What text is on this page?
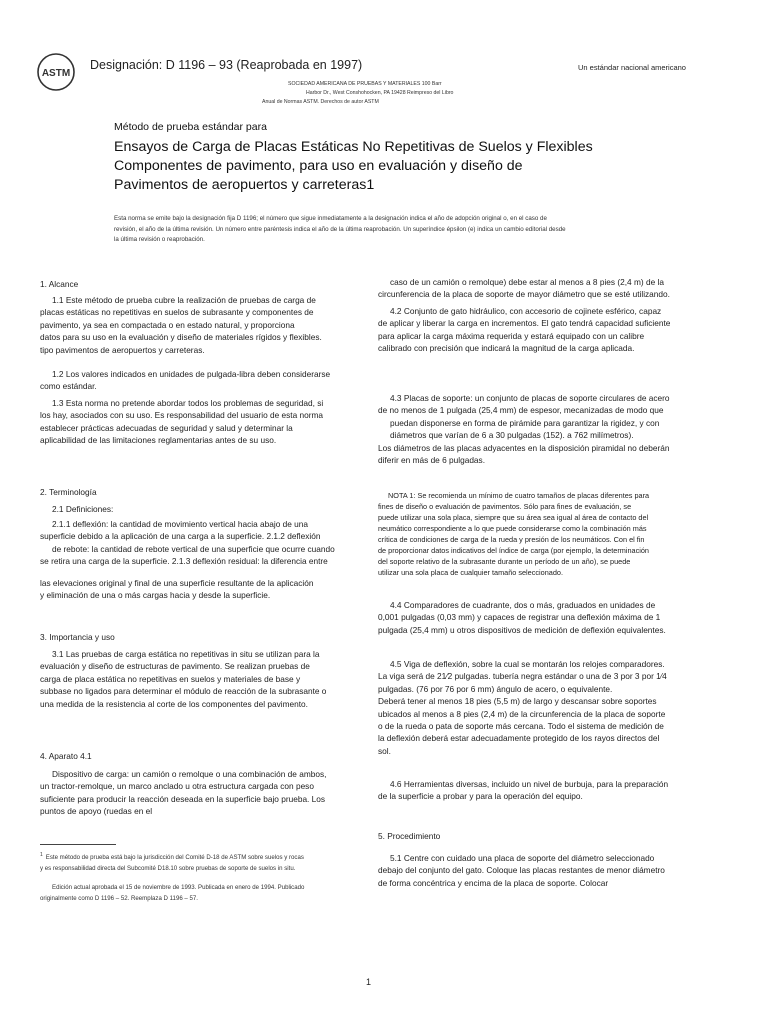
ASTM
Designación: D 1196 – 93 (Reaprobada en 1997)	Un estándar nacional americano
SOCIEDAD AMERICANA DE PRUEBAS Y MATERIALES 100 Barr
Harbor Dr., West Conshohocken, PA 19428 Reimpreso del Libro
Anual de Normas ASTM. Derechos de autor ASTM
Método de prueba estándar para
Ensayos de Carga de Placas Estáticas No Repetitivas de Suelos y Flexibles
Componentes de pavimento, para uso en evaluación y diseño de
Pavimentos de aeropuertos y carreteras1
Esta norma se emite bajo la designación fija D 1196; el número que sigue inmediatamente a la designación indica el año de adopción original o, en el caso de
revisión, el año de la última revisión. Un número entre paréntesis indica el año de la última reaprobación. Un superíndice épsilon (e) indica un cambio editorial desde
la última revisión o reaprobación.
1. Alcance
1.1 Este método de prueba cubre la realización de pruebas de carga de
placas estáticas no repetitivas en suelos de subrasante y componentes de
pavimento, ya sea en compactada o en estado natural, y proporciona
datos para su uso en la evaluación y diseño de materiales rígidos y flexibles.
tipo pavimentos de aeropuertos y carreteras.
1.2 Los valores indicados en unidades de pulgada-libra deben considerarse
como estándar.
1.3 Esta norma no pretende abordar todos los problemas de seguridad, si
los hay, asociados con su uso. Es responsabilidad del usuario de esta norma
establecer prácticas adecuadas de seguridad y salud y determinar la
aplicabilidad de las limitaciones reglamentarias antes de su uso.
2. Terminología
2.1 Definiciones:
2.1.1 deflexión: la cantidad de movimiento vertical hacia abajo de una
superficie debido a la aplicación de una carga a la superficie. 2.1.2 deflexión
de rebote: la cantidad de rebote vertical de una superficie que ocurre cuando
se retira una carga de la superficie. 2.1.3 deflexión residual: la diferencia entre
las elevaciones original y final de una superficie resultante de la aplicación
y eliminación de una o más cargas hacia y desde la superficie.
3. Importancia y uso
3.1 Las pruebas de carga estática no repetitivas in situ se utilizan para la
evaluación y diseño de estructuras de pavimento. Se realizan pruebas de
carga de placa estática no repetitivas en suelos y materiales de base y
subbase no ligados para determinar el módulo de reacción de la subrasante o
una medida de la resistencia al corte de los componentes del pavimento.
4. Aparato 4.1
Dispositivo de carga: un camión o remolque o una combinación de ambos,
un tractor-remolque, un marco anclado u otra estructura cargada con peso
suficiente para producir la reacción deseada en la superficie bajo prueba. Los
puntos de apoyo (ruedas en el
$^1$ Este método de prueba está bajo la jurisdicción del Comité D-18 de ASTM sobre suelos y rocas
y es responsabilidad directa del Subcomité D18.10 sobre pruebas de soporte de suelos in situ.
Edición actual aprobada el 15 de noviembre de 1993. Publicada en enero de 1994. Publicado
originalmente como D 1196 – 52. Reemplaza D 1196 – 57.
caso de un camión o remolque) debe estar al menos a 8 pies (2,4 m) de la
circunferencia de la placa de soporte de mayor diámetro que se esté utilizando.
4.2 Conjunto de gato hidráulico, con accesorio de cojinete esférico, capaz
de aplicar y liberar la carga en incrementos. El gato tendrá capacidad suficiente
para aplicar la carga máxima requerida y estará equipado con un calibre
calibrado con precisión que indicará la magnitud de la carga aplicada.
4.3 Placas de soporte: un conjunto de placas de soporte circulares de acero
de no menos de 1 pulgada (25,4 mm) de espesor, mecanizadas de modo que
puedan disponerse en forma de pirámide para garantizar la rigidez, y con
diámetros que varían de 6 a 30 pulgadas (152). a 762 milímetros).
Los diámetros de las placas adyacentes en la disposición piramidal no deberán
diferir en más de 6 pulgadas.
NOTA 1: Se recomienda un mínimo de cuatro tamaños de placas diferentes para
fines de diseño o evaluación de pavimentos. Sólo para fines de evaluación, se
puede utilizar una sola placa, siempre que su área sea igual al área de contacto del
neumático correspondiente a lo que puede considerarse como la combinación más
crítica de condiciones de carga de la rueda y presión de los neumáticos. Con el fin
de proporcionar datos indicativos del índice de carga (por ejemplo, la determinación
del soporte relativo de la subrasante durante un período de un año), se puede
utilizar una sola placa de cualquier tamaño seleccionado.
4.4 Comparadores de cuadrante, dos o más, graduados en unidades de
0,001 pulgadas (0,03 mm) y capaces de registrar una deflexión máxima de 1
pulgada (25,4 mm) u otros dispositivos de medición de deflexión equivalentes.
4.5 Viga de deflexión, sobre la cual se montarán los relojes comparadores.
La viga será de 21⁄2 pulgadas. tubería negra estándar o una de 3 por 3 por 1⁄4
pulgadas. (76 por 76 por 6 mm) ángulo de acero, o equivalente.
Deberá tener al menos 18 pies (5,5 m) de largo y descansar sobre soportes
ubicados al menos a 8 pies (2,4 m) de la circunferencia de la placa de soporte
o de la rueda o pata de soporte más cercana. Todo el sistema de medición de
la deflexión deberá estar adecuadamente protegido de los rayos directos del
sol.
4.6 Herramientas diversas, incluido un nivel de burbuja, para la preparación
de la superficie a probar y para la operación del equipo.
5. Procedimiento
5.1 Centre con cuidado una placa de soporte del diámetro seleccionado
debajo del conjunto del gato. Coloque las placas restantes de menor diámetro
de forma concéntrica y encima de la placa de soporte. Colocar
1
